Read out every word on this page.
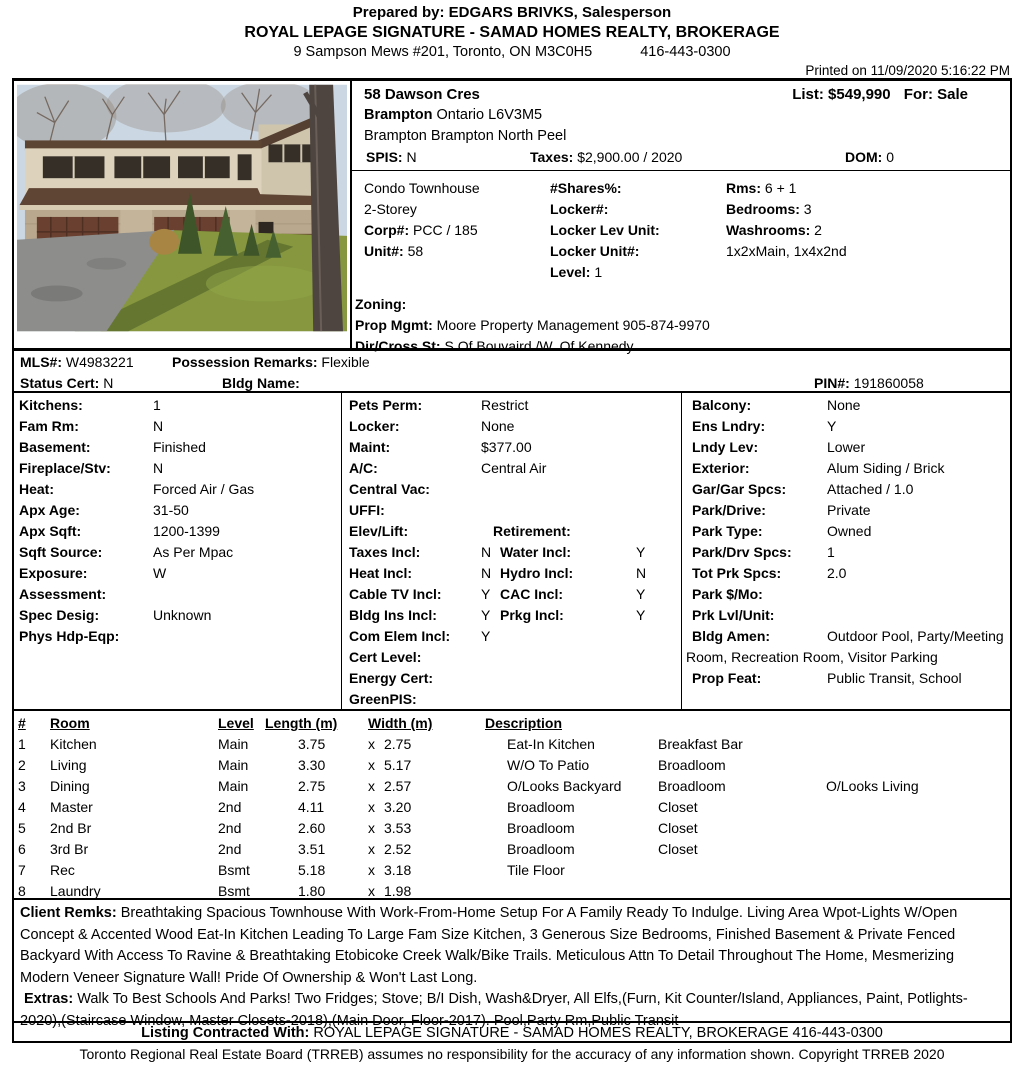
Prepared by: EDGARS BRIVKS, Salesperson
ROYAL LEPAGE SIGNATURE - SAMAD HOMES REALTY, BROKERAGE
9 Sampson Mews #201, Toronto, ON M3C0H5	416-443-0300
Printed on 11/09/2020 5:16:22 PM
58 Dawson Cres	List: $549,990 For: Sale
Brampton Ontario L6V3M5
Brampton Brampton North Peel
SPIS: N	Taxes: $2,900.00 / 2020	DOM: 0
Condo Townhouse
2-Storey
Corp#: PCC / 185
Unit#: 58
#Shares%:
Locker#:
Locker Lev Unit:
Locker Unit#:
Level: 1
Rms: 6 + 1
Bedrooms: 3
Washrooms: 2
1x2xMain, 1x4x2nd
Zoning:
Prop Mgmt: Moore Property Management 905-874-9970
Dir/Cross St: S.Of Bouvaird /W. Of Kennedy
MLS#: W4983221	Possession Remarks: Flexible
Status Cert: N	Bldg Name:	PIN#: 191860058
Kitchens:	1
Fam Rm:	N
Basement:	Finished
Fireplace/Stv:	N
Heat:	Forced Air / Gas
Apx Age:	31-50
Apx Sqft:	1200-1399
Sqft Source:	As Per Mpac
Exposure:	W
Assessment:
Spec Desig:	Unknown
Phys Hdp-Eqp:
Pets Perm:	Restrict
Locker:	None
Maint:	$377.00
A/C:	Central Air
Central Vac:
UFFI:
Elev/Lift:	Retirement:
Taxes Incl:	N Water Incl:	Y
Heat Incl:	N Hydro Incl:	N
Cable TV Incl:	Y CAC Incl:	Y
Bldg Ins Incl:	Y Prkg Incl:	Y
Com Elem Incl:	Y
Cert Level:
Energy Cert:
GreenPIS:
Balcony:	None
Ens Lndry:	Y
Lndy Lev:	Lower
Exterior:	Alum Siding / Brick
Gar/Gar Spcs:	Attached / 1.0
Park/Drive:	Private
Park Type:	Owned
Park/Drv Spcs:	1
Tot Prk Spcs:	2.0
Park $/Mo:
Prk Lvl/Unit:
Bldg Amen:	Outdoor Pool, Party/Meeting
Room, Recreation Room, Visitor Parking
Prop Feat:	Public Transit, School
#	Room	Level Length (m)	Width (m)	Description
1	Kitchen	Main	3.75	x 2.75	Eat-In Kitchen	Breakfast Bar
2	Living	Main	3.30	x 5.17	W/O To Patio	Broadloom
3	Dining	Main	2.75	x 2.57	O/Looks Backyard	Broadloom	O/Looks Living
4	Master	2nd	4.11	x 3.20	Broadloom	Closet
5	2nd Br	2nd	2.60	x 3.53	Broadloom	Closet
6	3rd Br	2nd	3.51	x 2.52	Broadloom	Closet
7	Rec	Bsmt	5.18	x 3.18	Tile Floor
8	Laundry	Bsmt	1.80	x 1.98

Client Remks: Breathtaking Spacious Townhouse With Work-From-Home Setup For A Family Ready To Indulge. Living Area Wpot-Lights W/Open Concept & Accented Wood Eat-In Kitchen Leading To Large Fam Size Kitchen, 3 Generous Size Bedrooms, Finished Basement & Private Fenced Backyard With Access To Ravine & Breathtaking Etobicoke Creek Walk/Bike Trails. Meticulous Attn To Detail Throughout The Home, Mesmerizing Modern Veneer Signature Wall! Pride Of Ownership & Won't Last Long.

Extras: Walk To Best Schools And Parks! Two Fridges; Stove; B/I Dish, Wash&Dryer, All Elfs,(Furn, Kit Counter/Island, Appliances, Paint, Potlights-2020),(Staircase Window, Master Closets-2018),(Main Door, Floor-2017). Pool,Party Rm,Public Transit

Listing Contracted With: ROYAL LEPAGE SIGNATURE - SAMAD HOMES REALTY, BROKERAGE 416-443-0300
Toronto Regional Real Estate Board (TRREB) assumes no responsibility for the accuracy of any information shown. Copyright TRREB 2020
